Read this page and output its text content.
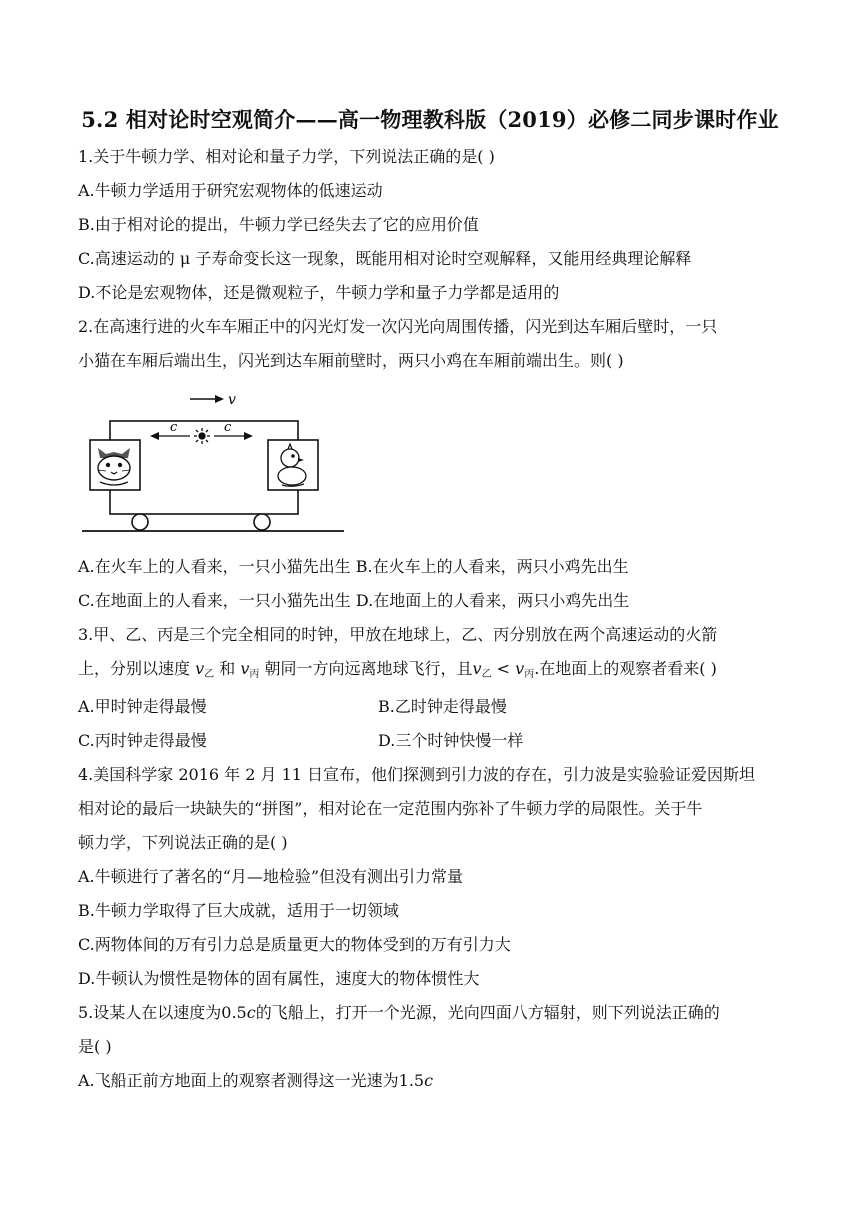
5.2 相对论时空观简介——高一物理教科版（2019）必修二同步课时作业
1.关于牛顿力学、相对论和量子力学，下列说法正确的是( )
A.牛顿力学适用于研究宏观物体的低速运动
B.由于相对论的提出，牛顿力学已经失去了它的应用价值
C.高速运动的 μ 子寿命变长这一现象，既能用相对论时空观解释，又能用经典理论解释
D.不论是宏观物体，还是微观粒子，牛顿力学和量子力学都是适用的
2.在高速行进的火车车厢正中的闪光灯发一次闪光向周围传播，闪光到达车厢后壁时，一只
小猫在车厢后端出生，闪光到达车厢前壁时，两只小鸡在车厢前端出生。则( )
v
c	c
A.在火车上的人看来，一只小猫先出生 B.在火车上的人看来，两只小鸡先出生
C.在地面上的人看来，一只小猫先出生 D.在地面上的人看来，两只小鸡先出生
3.甲、乙、丙是三个完全相同的时钟，甲放在地球上，乙、丙分别放在两个高速运动的火箭
上，分别以速度 $v_乙$ 和 $v_丙$ 朝同一方向远离地球飞行，且$v_乙 < v_丙$.在地面上的观察者看来( )
A.甲时钟走得最慢	B.乙时钟走得最慢
C.丙时钟走得最慢	D.三个时钟快慢一样
4.美国科学家 2016 年 2 月 11 日宣布，他们探测到引力波的存在，引力波是实验验证爱因斯坦
相对论的最后一块缺失的“拼图”，相对论在一定范围内弥补了牛顿力学的局限性。关于牛
顿力学，下列说法正确的是( )
A.牛顿进行了著名的“月—地检验”但没有测出引力常量
B.牛顿力学取得了巨大成就，适用于一切领域
C.两物体间的万有引力总是质量更大的物体受到的万有引力大
D.牛顿认为惯性是物体的固有属性，速度大的物体惯性大
5.设某人在以速度为0.5c的飞船上，打开一个光源，光向四面八方辐射，则下列说法正确的
是( )
A.飞船正前方地面上的观察者测得这一光速为1.5c
